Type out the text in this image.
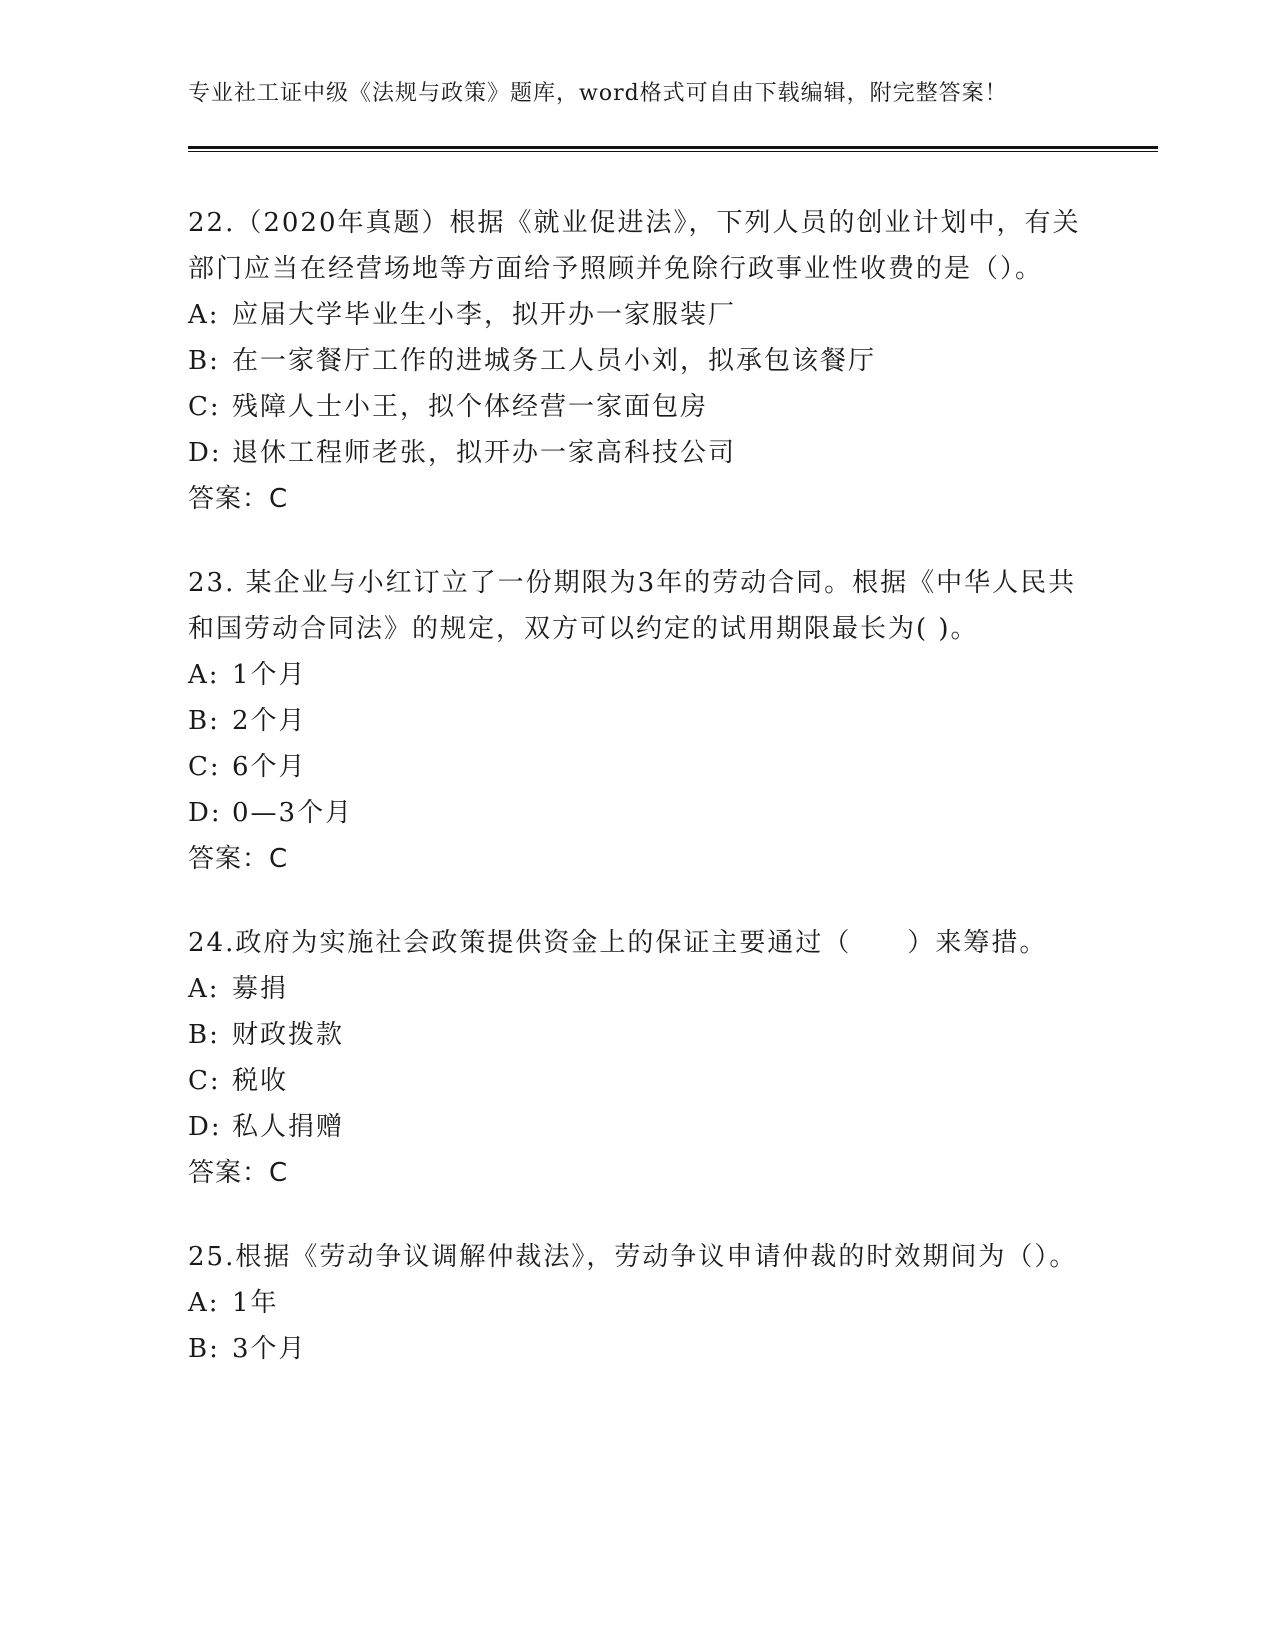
专业社工证中级《法规与政策》题库，word格式可自由下载编辑，附完整答案！

22.（2020年真题）根据《就业促进法》，下列人员的创业计划中，有关部门应当在经营场地等方面给予照顾并免除行政事业性收费的是（）。

A: 应届大学毕业生小李，拟开办一家服装厂
B: 在一家餐厅工作的进城务工人员小刘，拟承包该餐厅
C: 残障人士小王，拟个体经营一家面包房
D: 退休工程师老张，拟开办一家高科技公司
答案：C

23. 某企业与小红订立了一份期限为3年的劳动合同。根据《中华人民共和国劳动合同法》的规定，双方可以约定的试用期限最长为( )。

A: 1个月
B: 2个月
C: 6个月
D: 0—3个月
答案：C

24.政府为实施社会政策提供资金上的保证主要通过（　　）来筹措。

A: 募捐
B: 财政拨款
C: 税收
D: 私人捐赠
答案：C

25.根据《劳动争议调解仲裁法》，劳动争议申请仲裁的时效期间为（）。

A: 1年
B: 3个月
